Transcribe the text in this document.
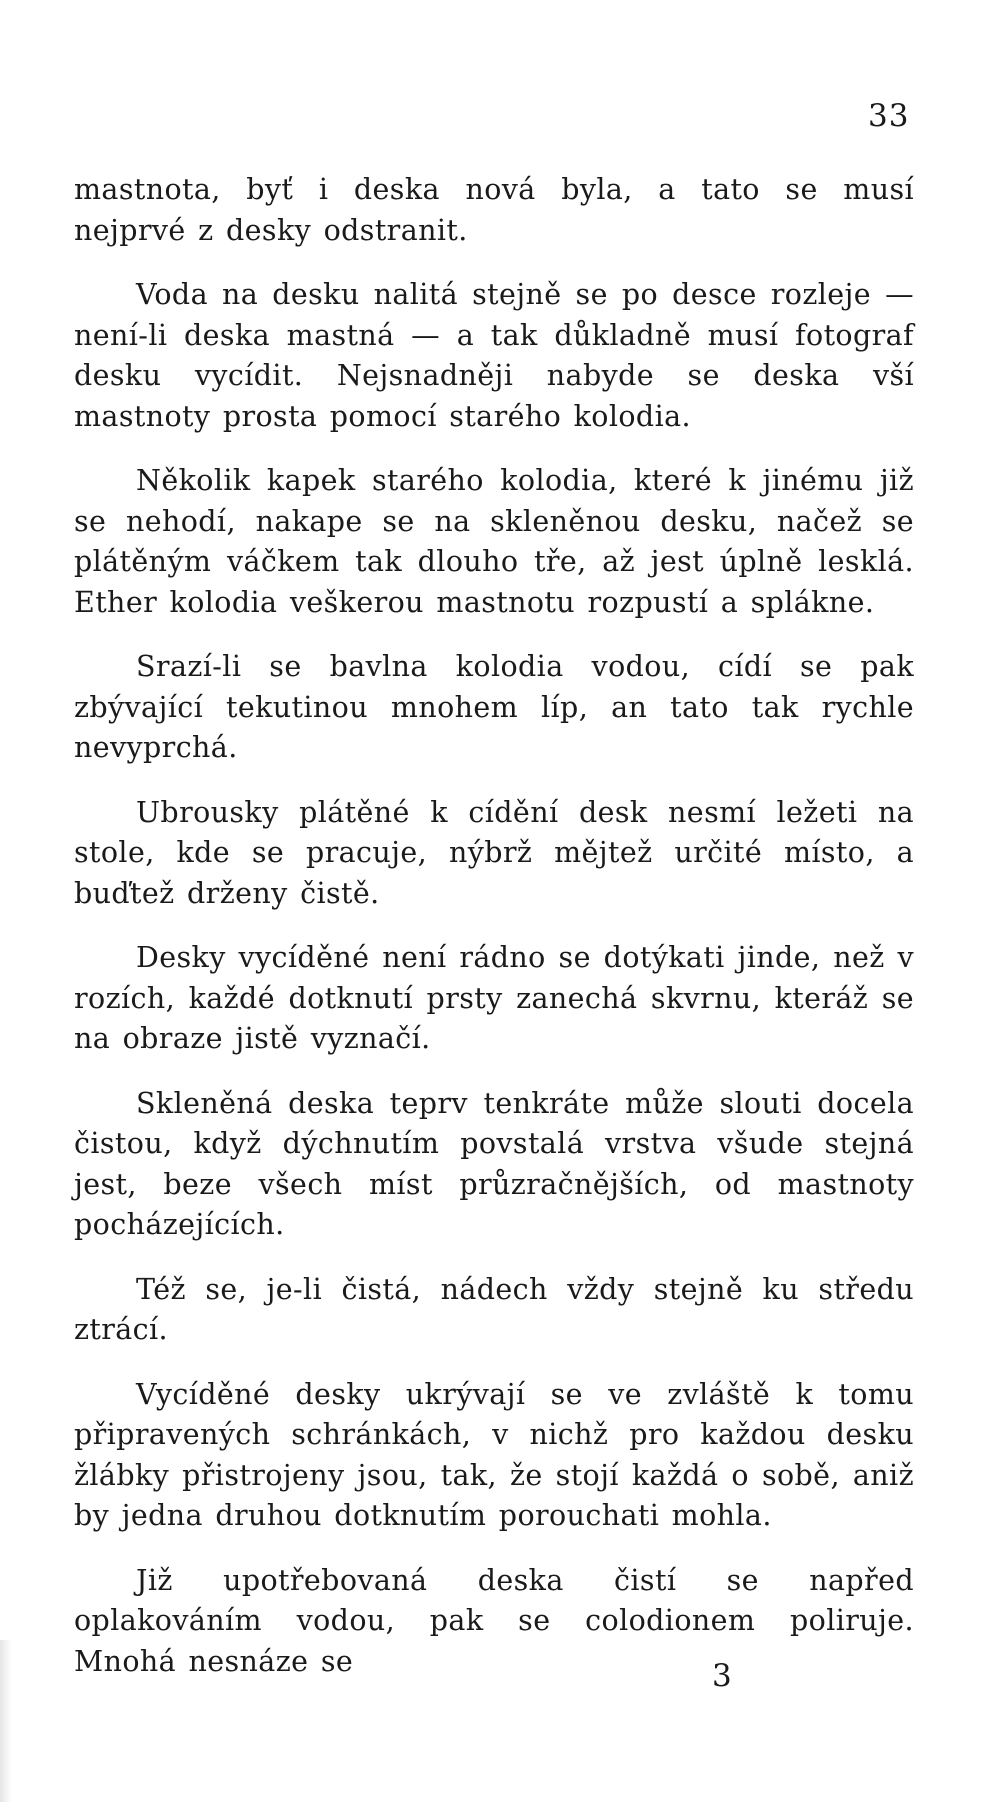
33

mastnota, byť i deska nová byla, a tato se musí nejprvé z desky odstranit.

Voda na desku nalitá stejně se po desce rozleje — není-li deska mastná — a tak důkladně musí fotograf desku vycídit. Nejsnadněji nabyde se deska vší mastnoty prosta pomocí starého kolodia.

Několik kapek starého kolodia, které k jinému již se nehodí, nakape se na skleněnou desku, načež se plátěným váčkem tak dlouho tře, až jest úplně lesklá. Ether kolodia veškerou mastnotu rozpustí a spláknе.

Srazí-li se bavlna kolodia vodou, cídí se pak zbývající tekutinou mnohem líp, an tato tak rychle nevyprchá.

Ubrousky plátěné k cídění desk nesmí ležeti na stole, kde se pracuje, nýbrž mějtež určité místo, a buďtež drženy čistě.

Desky vycíděné není rádno se dotýkati jinde, než v rozích, každé dotknutí prsty zanechá skvrnu, kteráž se na obraze jistě vyznačí.

Skleněná deska teprv tenkráte může slouti docela čistou, když dýchnutím povstalá vrstva všude stejná jest, beze všech míst průzračnějších, od mastnoty pocházejících.

Též se, je-li čistá, nádech vždy stejně ku středu ztrácí.

Vycíděné desky ukrývají se ve zvláště k tomu připravených schránkách, v nichž pro každou desku žlábky přistrojeny jsou, tak, že stojí každá o sobě, aniž by jedna druhou dotknutím porouchati mohla.

Již upotřebovaná deska čistí se napřed oplakováním vodou, pak se colodionem poliruje. Mnohá nesnáze se	3
